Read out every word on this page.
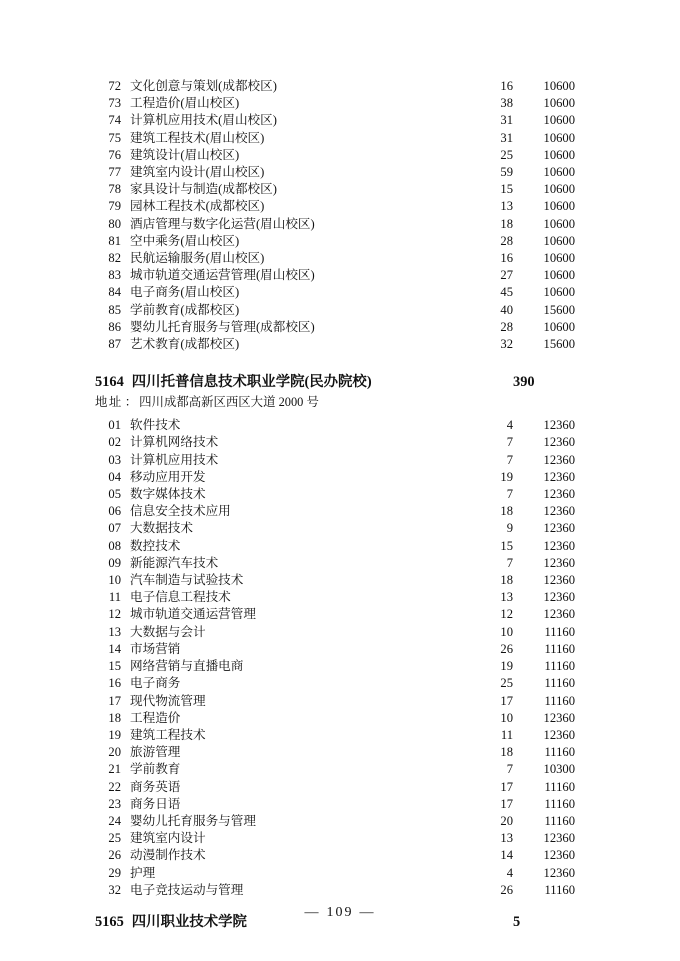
72 文化创意与策划(成都校区)	16	10600
73 工程造价(眉山校区)	38	10600
74 计算机应用技术(眉山校区)	31	10600
75 建筑工程技术(眉山校区)	31	10600
76 建筑设计(眉山校区)	25	10600
77 建筑室内设计(眉山校区)	59	10600
78 家具设计与制造(成都校区)	15	10600
79 园林工程技术(成都校区)	13	10600
80 酒店管理与数字化运营(眉山校区)	18	10600
81 空中乘务(眉山校区)	28	10600
82 民航运输服务(眉山校区)	16	10600
83 城市轨道交通运营管理(眉山校区)	27	10600
84 电子商务(眉山校区)	45	10600
85 学前教育(成都校区)	40	15600
86 婴幼儿托育服务与管理(成都校区)	28	10600
87 艺术教育(成都校区)	32	15600
5164 四川托普信息技术职业学院(民办院校)	390
地址 ： 四川成都高新区西区大道 2000 号
01 软件技术	4	12360
02 计算机网络技术	7	12360
03 计算机应用技术	7	12360
04 移动应用开发	19	12360
05 数字媒体技术	7	12360
06 信息安全技术应用	18	12360
07 大数据技术	9	12360
08 数控技术	15	12360
09 新能源汽车技术	7	12360
10 汽车制造与试验技术	18	12360
11 电子信息工程技术	13	12360
12 城市轨道交通运营管理	12	12360
13 大数据与会计	10	11160
14 市场营销	26	11160
15 网络营销与直播电商	19	11160
16 电子商务	25	11160
17 现代物流管理	17	11160
18 工程造价	10	12360
19 建筑工程技术	11	12360
20 旅游管理	18	11160
21 学前教育	7	10300
22 商务英语	17	11160
23 商务日语	17	11160
24 婴幼儿托育服务与管理	20	11160
25 建筑室内设计	13	12360
26 动漫制作技术	14	12360
29 护理	4	12360
32 电子竞技运动与管理	26	11160
5165 四川职业技术学院	5
— 109 —
